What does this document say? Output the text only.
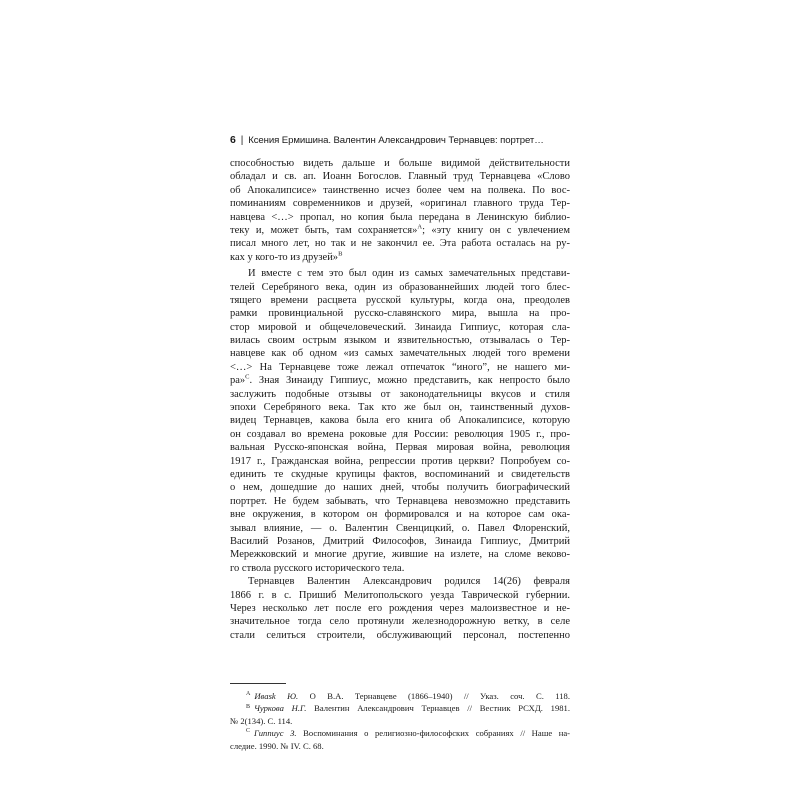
6 | Ксения Ермишина. Валентин Александрович Тернавцев: портрет…
способностью видеть дальше и больше видимой действительности
обладал и св. ап. Иоанн Богослов. Главный труд Тернавцева «Слово
об Апокалипсисе» таинственно исчез более чем на полвека. По вос-
поминаниям современников и друзей, «оригинал главного труда Тер-
навцева <…> пропал, но копия была передана в Ленинскую библио-
теку и, может быть, там сохраняется»$^A$; «эту книгу он с увлечением
писал много лет, но так и не закончил ее. Эта работа осталась на ру-
ках у кого-то из друзей»$^B$
И вместе с тем это был один из самых замечательных представи-
телей Серебряного века, один из образованнейших людей того блес-
тящего времени расцвета русской культуры, когда она, преодолев
рамки провинциальной русско-славянского мира, вышла на про-
стор мировой и общечеловеческий. Зинаида Гиппиус, которая сла-
вилась своим острым языком и язвительностью, отзывалась о Тер-
навцеве как об одном «из самых замечательных людей того времени
<…> На Тернавцеве тоже лежал отпечаток “иного”, не нашего ми-
ра»$^C$. Зная Зинаиду Гиппиус, можно представить, как непросто было
заслужить подобные отзывы от законодательницы вкусов и стиля
эпохи Серебряного века. Так кто же был он, таинственный духов-
видец Тернавцев, какова была его книга об Апокалипсисе, которую
он создавал во времена роковые для России: революция 1905 г., про-
вальная Русско-японская война, Первая мировая война, революция
1917 г., Гражданская война, репрессии против церкви? Попробуем со-
единить те скудные крупицы фактов, воспоминаний и свидетельств
о нем, дошедшие до наших дней, чтобы получить биографический
портрет. Не будем забывать, что Тернавцева невозможно представить
вне окружения, в котором он формировался и на которое сам ока-
зывал влияние, — о. Валентин Свенцицкий, о. Павел Флоренский,
Василий Розанов, Дмитрий Философов, Зинаида Гиппиус, Дмитрий
Мережковский и многие другие, жившие на излете, на сломе веково-
го ствола русского исторического тела.
Тернавцев Валентин Александрович родился 14(26) февраля
1866 г. в с. Пришиб Мелитопольского уезда Таврической губернии.
Через несколько лет после его рождения через малоизвестное и не-
значительное тогда село протянули железнодорожную ветку, в селе
стали селиться строители, обслуживающий персонал, постепенно
$^A$ Ивask Ю. О В.А. Тернавцеве (1866–1940) // Указ. соч. С. 118.
$^B$ Чуркова Н.Г. Валентин Александрович Тернавцев // Вестник РСХД. 1981.
№ 2(134). С. 114.
$^C$ Гиппиус З. Воспоминания о религиозно-философских собраниях // Наше на-
следие. 1990. № IV. С. 68.
